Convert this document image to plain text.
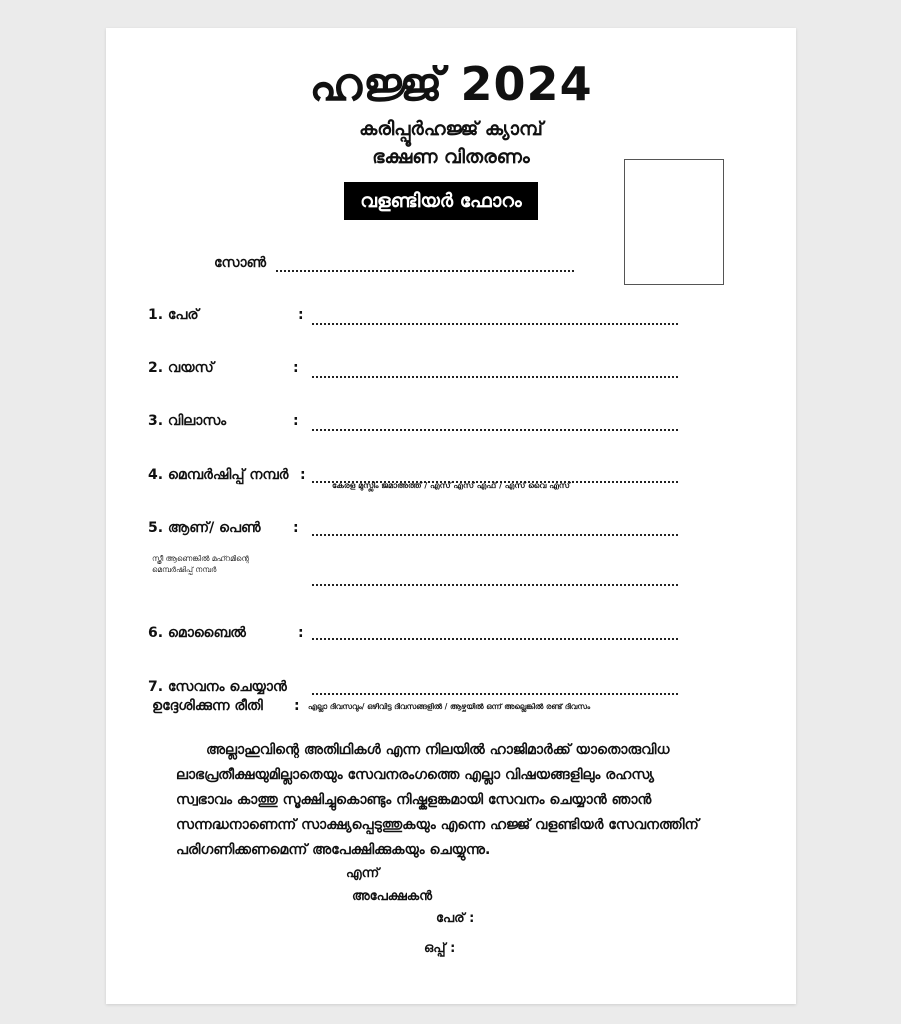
ഹജ്ജ് 2024
കരിപ്പൂർഹജ്ജ് ക്യാമ്പ്
ഭക്ഷണ വിതരണം
വളണ്ടിയർ ഫോറം
സോൺ
1. പേര്	:
2. വയസ്	:
3. വിലാസം	:
4. മെമ്പർഷിപ്പ് നമ്പർ :
കേരള മുസ്ലിം ജമാഅത്ത് / എസ് എസ് എഫ് / എസ് വൈ എസ്
5. ആണ്/ പെൺ :
സ്ത്രീ ആണെങ്കിൽ മഹ്റമിന്റെ
മെമ്പർഷിപ്പ് നമ്പർ
6. മൊബൈൽ	:
7. സേവനം ചെയ്യാൻ
ഉദ്ദേശിക്കുന്ന രീതി : എല്ലാ ദിവസവും/ ഒഴിവിട്ട ദിവസങ്ങളിൽ / ആഴ്ചയിൽ ഒന്ന് അല്ലെങ്കിൽ രണ്ട് ദിവസം

അല്ലാഹുവിന്റെ അതിഥികൾ എന്ന നിലയിൽ ഹാജിമാർക്ക് യാതൊരുവിധ

ലാഭപ്രതീക്ഷയുമില്ലാതെയും സേവനരംഗത്തെ എല്ലാ വിഷയങ്ങളിലും രഹസ്യ

സ്വഭാവം കാത്തു സൂക്ഷിച്ചുകൊണ്ടും നിഷ്കളങ്കമായി സേവനം ചെയ്യാൻ ഞാൻ

സന്നദ്ധനാണെന്ന് സാക്ഷ്യപ്പെടുത്തുകയും എന്നെ ഹജ്ജ് വളണ്ടിയർ സേവനത്തിന്

പരിഗണിക്കണമെന്ന് അപേക്ഷിക്കുകയും ചെയ്യുന്നു.

എന്ന്
അപേക്ഷകൻ
പേര് :
ഒപ്പ് :
